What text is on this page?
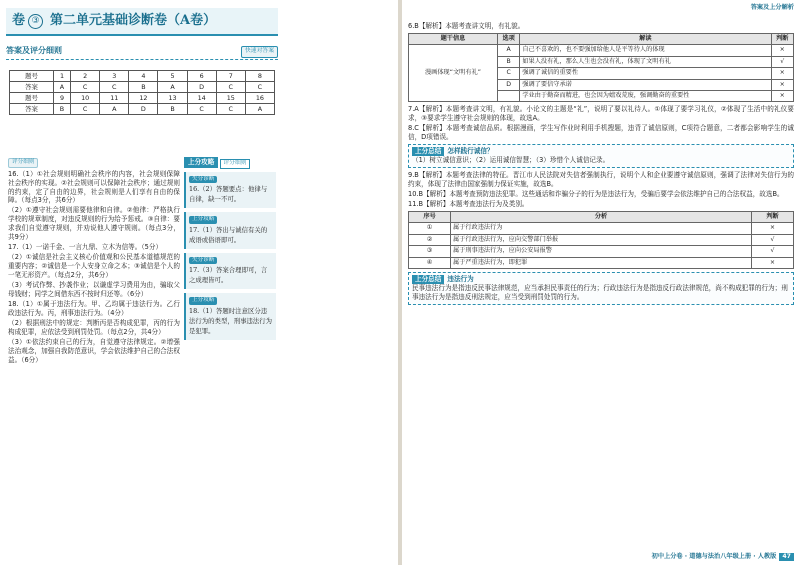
卷 ③ 第二单元基础诊断卷（A卷）
答案及评分细则	快速对答案
题号	1	2	3	4	5	6	7	8
答案	A	C	C	B	A	D	C	C
题号	9	10	11	12	13	14	15	16
答案	B	C	A	D	B	C	C	A
评分细则

16.（1）①社会规则明确社会秩序的内容，社会规则保障社会秩序的实现。②社会规则可以保障社会秩序；通过规则的约束，定了自由的边界，社会规则是人们享有自由的保障。（每点3分，共6分）

（2）①遵守社会规则需要他律和自律。②他律：严格执行学校的规章制度，对违反规则的行为给予惩戒。③自律：要求我们自觉遵守规则，并劝说他人遵守规则。（每点3分，共9分）

17.（1）一诺千金、一言九鼎、立木为信等。（5分）

（2）①诚信是社会主义核心价值观和公民基本道德规范的重要内容；②诚信是一个人安身立命之本；③诚信是个人的一笔无形资产。（每点2分，共6分）

（3）考试作弊、抄袭作业；以谦虚学习费用为由，骗取父母钱财；同学之间借东西不按时归还等。（6分）

18.（1）①属于违法行为。甲、乙均属于违法行为。乙行政违法行为。丙，刑事违法行为。（4分）

（2）根据刑法中的规定：判断丙是否构成犯罪，丙的行为构成犯罪，应依法受到刑罚处罚。（每点2分，共4分）

（3）①依法约束自己的行为，自觉遵守法律规定。②增强法治观念，加强自我防范意识，学会依法维护自己的合法权益。（6分）

上分攻略 评分细则
失分诊断

16.（2）答题要点：他律与自律，缺一不可。

上分攻略

17.（1）答出与诚信有关的成语或俗语即可。

失分诊断

17.（3）答案合理即可，言之成理皆可。

上分攻略

18.（1）答题时注意区分违法行为的类型，刑事违法行为是犯罪。

答案及上分解析

6.B【解析】本题考查讲文明，有礼貌。

题干信息	选项	解读	判断
漫画体现“文明有礼”	A	自己不喜欢的，也不要强加给他人是平等待人的体现	×
	B	如果人没有礼，那么人生也会没有礼，体现了文明有礼	√
	C	强调了诚信的重要性	×
	D	强调了要信守承诺	×
		学业由于勤奋而精进，也会因为嬉戏荒废，强调勤奋的重要性	×

7.A【解析】本题考查讲文明，有礼貌。小论文的主题是“礼”，说明了要以礼待人。①体现了要学习礼仪，②体现了生活中的礼仪要求，③要求学生遵守社会规则的体现，故选A。

8.C【解析】本题考查诚信品质。根据漫画，学生写作业时利用手机搜题，违背了诚信原则，C项符合题意，二者都会影响学生的诚信，D项错误。

上分总结 怎样践行诚信？
（1）树立诚信意识；（2）运用诚信智慧；（3）珍惜个人诚信记录。

9.B【解析】本题考查法律的特征。晋江市人民法院对失信者强制执行，说明个人和企业要遵守诚信原则，强调了法律对失信行为的约束，体现了法律由国家强制力保证实施，故选B。

10.B【解析】本题考查预防违法犯罪。这些通话和诈骗分子的行为是违法行为，受骗后要学会依法维护自己的合法权益，故选B。

11.B【解析】本题考查违法行为及类别。

序号	分析	判断
①	属于行政违法行为	×
②	属于行政违法行为，应向交警部门举报	√
③	属于刑事违法行为，应向公安局报警	√
④	属于严重违法行为，即犯罪	×
上分总结 违法行为
民事违法行为是指违反民事法律规范，应当承担民事责任的行为；行政违法行为是指违反行政法律规范，尚不构成犯罪的行为；刑事违法行为是指违反刑法规定，应当受到刑罚处罚的行为。
初中上分卷 · 道德与法治八年级上册 · 人教版 47
